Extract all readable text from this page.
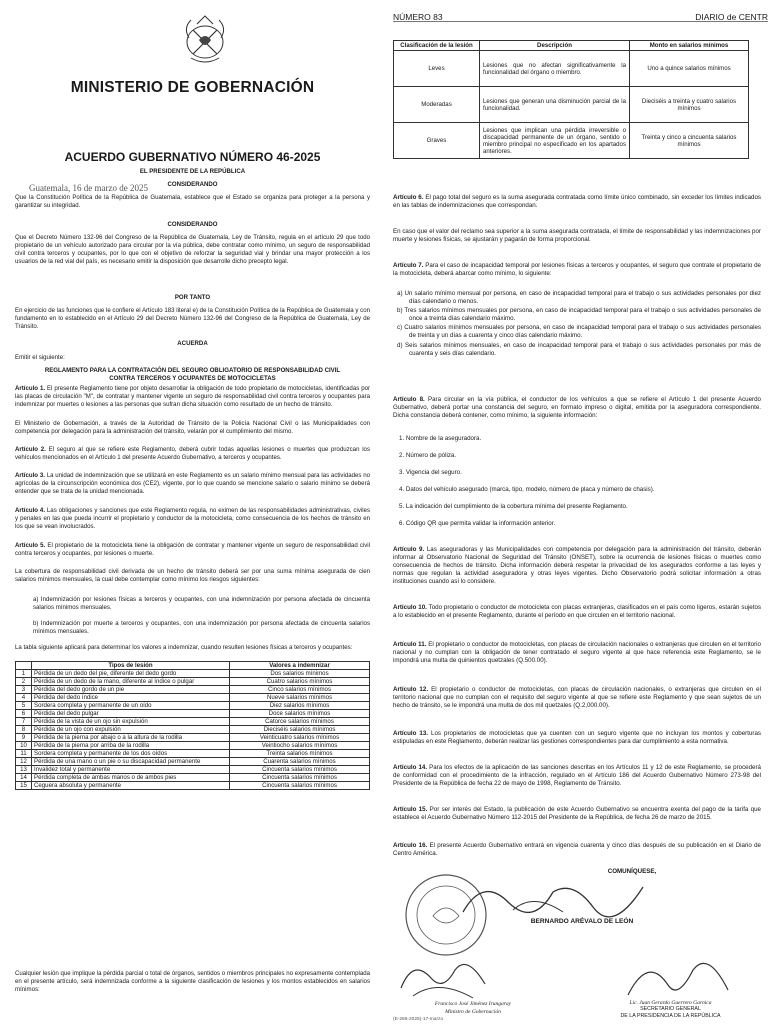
NÚMERO 83	DIARIO de CENTR
MINISTERIO DE GOBERNACIÓN
ACUERDO GUBERNATIVO NÚMERO 46-2025
Guatemala, 16 de marzo de 2025
EL PRESIDENTE DE LA REPÚBLICA
CONSIDERANDO

Que la Constitución Política de la República de Guatemala, establece que el Estado se organiza para proteger a la persona y garantizar su integridad.

CONSIDERANDO

Que el Decreto Número 132-96 del Congreso de la República de Guatemala, Ley de Tránsito, regula en el artículo 29 que todo propietario de un vehículo autorizado para circular por la vía pública, debe contratar como mínimo, un seguro de responsabilidad civil contra terceros y ocupantes, por lo que con el objetivo de reforzar la seguridad vial y brindar una mayor protección a los usuarios de la red vial del país, es necesario emitir la disposición que desarrolle dicho precepto legal.

POR TANTO

En ejercicio de las funciones que le confiere el Artículo 183 literal e) de la Constitución Política de la República de Guatemala y con fundamento en lo establecido en el Artículo 29 del Decreto Número 132-96 del Congreso de la República de Guatemala, Ley de Tránsito.

ACUERDA

Emitir el siguiente:

REGLAMENTO PARA LA CONTRATACIÓN DEL SEGURO OBLIGATORIO DE RESPONSABILIDAD CIVIL CONTRA TERCEROS Y OCUPANTES DE MOTOCICLETAS

Artículo 1. El presente Reglamento tiene por objeto desarrollar la obligación de todo propietario de motocicletas, identificadas por las placas de circulación "M", de contratar y mantener vigente un seguro de responsabilidad civil contra terceros y ocupantes para indemnizar por muertes o lesiones a las personas que sufran dicha situación como resultado de un hecho de tránsito.

El Ministerio de Gobernación, a través de la Autoridad de Tránsito de la Policía Nacional Civil o las Municipalidades con competencia por delegación para la administración del tránsito, velarán por el cumplimiento del mismo.

Artículo 2. El seguro al que se refiere este Reglamento, deberá cubrir todas aquellas lesiones o muertes que produzcan los vehículos mencionados en el Artículo 1 del presente Acuerdo Gubernativo, a terceros y ocupantes.

Artículo 3. La unidad de indemnización que se utilizará en este Reglamento es un salario mínimo mensual para las actividades no agrícolas de la circunscripción económica dos (CE2), vigente, por lo que cuando se mencione salario o salario mínimo se deberá entender que se trata de la unidad mencionada.

Artículo 4. Las obligaciones y sanciones que este Reglamento regula, no eximen de las responsabilidades administrativas, civiles y penales en las que pueda incurrir el propietario y conductor de la motocicleta, como consecuencia de los hechos de tránsito en los que se vean involucrados.

Artículo 5. El propietario de la motocicleta tiene la obligación de contratar y mantener vigente un seguro de responsabilidad civil contra terceros y ocupantes, por lesiones o muerte.

La cobertura de responsabilidad civil derivada de un hecho de tránsito deberá ser por una suma mínima asegurada de cien salarios mínimos mensuales, la cual debe contemplar como mínimo los riesgos siguientes:

a) Indemnización por lesiones físicas a terceros y ocupantes, con una indemnización por persona afectada de cincuenta salarios mínimos mensuales.

b) Indemnización por muerte a terceros y ocupantes, con una indemnización por persona afectada de cincuenta salarios mínimos mensuales.

La tabla siguiente aplicará para determinar los valores a indemnizar, cuando resulten lesiones físicas a terceros y ocupantes:

	Tipos de lesión	Valores a indemnizar
1	Pérdida de un dedo del pie, diferente del dedo gordo	Dos salarios mínimos
2	Pérdida de un dedo de la mano, diferente al índice o pulgar	Cuatro salarios mínimos
3	Pérdida del dedo gordo de un pie	Cinco salarios mínimos
4	Pérdida del dedo índice	Nueve salarios mínimos
5	Sordera completa y permanente de un oído	Diez salarios mínimos
6	Pérdida del dedo pulgar	Doce salarios mínimos
7	Pérdida de la vista de un ojo sin expulsión	Catorce salarios mínimos
8	Pérdida de un ojo con expulsión	Dieciséis salarios mínimos
9	Pérdida de la pierna por abajo o a la altura de la rodilla	Veinticuatro salarios mínimos
10	Pérdida de la pierna por arriba de la rodilla	Veintiocho salarios mínimos
11	Sordera completa y permanente de los dos oídos	Treinta salarios mínimos
12	Pérdida de una mano o un pie o su discapacidad permanente	Cuarenta salarios mínimos
13	Invalidez total y permanente	Cincuenta salarios mínimos
14	Pérdida completa de ambas manos o de ambos pies	Cincuenta salarios mínimos
15	Ceguera absoluta y permanente	Cincuenta salarios mínimos

Cualquier lesión que implique la pérdida parcial o total de órganos, sentidos o miembros principales no expresamente contemplada en el presente artículo, será indemnizada conforme a la siguiente clasificación de lesiones y los montos establecidos en salarios mínimos:

Clasificación de la lesión	Descripción	Monto en salarios mínimos
Leves	Lesiones que no afectan significativamente la funcionalidad del órgano o miembro.	Uno a quince salarios mínimos
Moderadas	Lesiones que generan una disminución parcial de la funcionalidad.	Dieciséis a treinta y cuatro salarios mínimos
Graves	Lesiones que implican una pérdida irreversible o discapacidad permanente de un órgano, sentido o miembro principal no especificado en los apartados anteriores.	Treinta y cinco a cincuenta salarios mínimos

Artículo 6. El pago total del seguro es la suma asegurada contratada como límite único combinado, sin exceder los límites indicados en las tablas de indemnizaciones que correspondan.

En caso que el valor del reclamo sea superior a la suma asegurada contratada, el límite de responsabilidad y las indemnizaciones por muerte y lesiones físicas, se ajustarán y pagarán de forma proporcional.

Artículo 7. Para el caso de incapacidad temporal por lesiones físicas a terceros y ocupantes, el seguro que contrate el propietario de la motocicleta, deberá abarcar como mínimo, lo siguiente:

a) Un salario mínimo mensual por persona, en caso de incapacidad temporal para el trabajo o sus actividades personales por diez días calendario o menos.

b) Tres salarios mínimos mensuales por persona, en caso de incapacidad temporal para el trabajo o sus actividades personales de once a treinta días calendario máximo.

c) Cuatro salarios mínimos mensuales por persona, en caso de incapacidad temporal para el trabajo o sus actividades personales de treinta y un días a cuarenta y cinco días calendario máximo.

d) Seis salarios mínimos mensuales, en caso de incapacidad temporal para el trabajo o sus actividades personales por más de cuarenta y seis días calendario.

Artículo 8. Para circular en la vía pública, el conductor de los vehículos a que se refiere el Artículo 1 del presente Acuerdo Gubernativo, deberá portar una constancia del seguro, en formato impreso o digital, emitida por la aseguradora correspondiente. Dicha constancia deberá contener, como mínimo, la siguiente información:

1. Nombre de la aseguradora.

2. Número de póliza.

3. Vigencia del seguro.

4. Datos del vehículo asegurado (marca, tipo, modelo, número de placa y número de chasis).

5. La indicación del cumplimiento de la cobertura mínima del presente Reglamento.

6. Código QR que permita validar la información anterior.

Artículo 9. Las aseguradoras y las Municipalidades con competencia por delegación para la administración del tránsito, deberán informar al Observatorio Nacional de Seguridad del Tránsito (ONSET), sobre la ocurrencia de lesiones físicas o muertes como consecuencia de hechos de tránsito. Dicha información deberá respetar la privacidad de los asegurados conforme a las leyes y normas que regulan la actividad aseguradora y otras leyes vigentes. Dicho Observatorio podrá solicitar información a otras instituciones cuando así lo considere.

Artículo 10. Todo propietario o conductor de motocicleta con placas extranjeras, clasificados en el país como ligeros, estarán sujetos a lo establecido en el presente Reglamento, durante el período en que circulen en el territorio nacional.

Artículo 11. El propietario o conductor de motocicletas, con placas de circulación nacionales o extranjeras que circulen en el territorio nacional y no cumplan con la obligación de tener contratado el seguro vigente al que hace referencia este Reglamento, se le impondrá una multa de quinientos quetzales (Q.500.00).

Artículo 12. El propietario o conductor de motocicletas, con placas de circulación nacionales, o extranjeras que circulen en el territorio nacional que no cumplan con el requisito del seguro vigente al que se refiere este Reglamento y que sean sujetos de un hecho de tránsito, se le impondrá una multa de dos mil quetzales (Q.2,000.00).

Artículo 13. Los propietarios de motocicletas que ya cuenten con un seguro vigente que no incluyan los montos y coberturas estipuladas en este Reglamento, deberán realizar las gestiones correspondientes para dar cumplimiento a esta normativa.

Artículo 14. Para los efectos de la aplicación de las sanciones descritas en los Artículos 11 y 12 de este Reglamento, se procederá de conformidad con el procedimiento de la infracción, regulado en el Artículo 186 del Acuerdo Gubernativo Número 273-98 del Presidente de la República de fecha 22 de mayo de 1998, Reglamento de Tránsito.

Artículo 15. Por ser interés del Estado, la publicación de este Acuerdo Gubernativo se encuentra exenta del pago de la tarifa que establece el Acuerdo Gubernativo Número 112-2015 del Presidente de la República, de fecha 26 de marzo de 2015.

Artículo 16. El presente Acuerdo Gubernativo entrará en vigencia cuarenta y cinco días después de su publicación en el Diario de Centro América.

COMUNÍQUESE,
BERNARDO ARÉVALO DE LEÓN
Francisco José Jiménez Irungaray
Ministro de Gobernación
Lic. Juan Gerardo Guerrero Garnica
SECRETARIO GENERAL
DE LA PRESIDENCIA DE LA REPÚBLICA
(E-266-2025)-17-marzo
